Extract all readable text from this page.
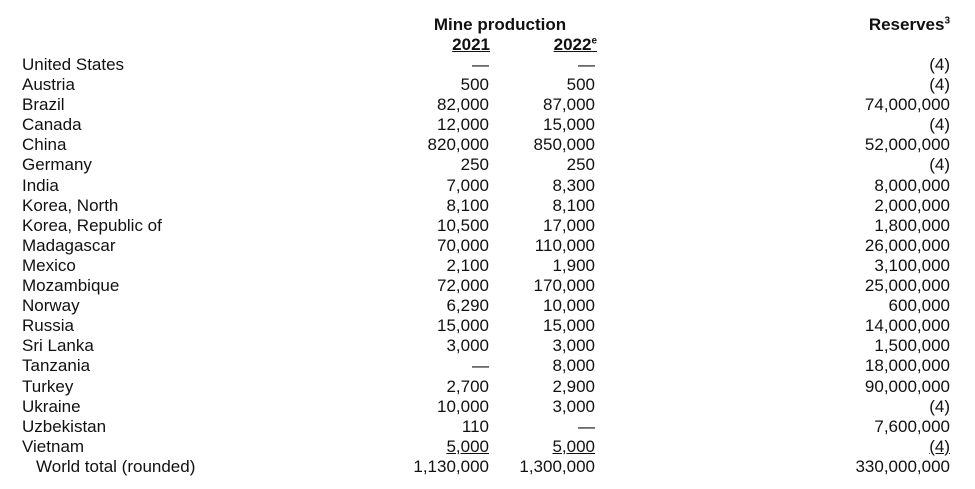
Mine production
2021	2022e
Reserves$^3$
United States	—	—	(4)
Austria	500	500	(4)
Brazil	82,000	87,000	74,000,000
Canada	12,000	15,000	(4)
China	820,000	850,000	52,000,000
Germany	250	250	(4)
India	7,000	8,300	8,000,000
Korea, North	8,100	8,100	2,000,000
Korea, Republic of	10,500	17,000	1,800,000
Madagascar	70,000	110,000	26,000,000
Mexico	2,100	1,900	3,100,000
Mozambique	72,000	170,000	25,000,000
Norway	6,290	10,000	600,000
Russia	15,000	15,000	14,000,000
Sri Lanka	3,000	3,000	1,500,000
Tanzania	—	8,000	18,000,000
Turkey	2,700	2,900	90,000,000
Ukraine	10,000	3,000	(4)
Uzbekistan	110	—	7,600,000
Vietnam	5,000	5,000	(4)
World total (rounded)	1,130,000	1,300,000	330,000,000
